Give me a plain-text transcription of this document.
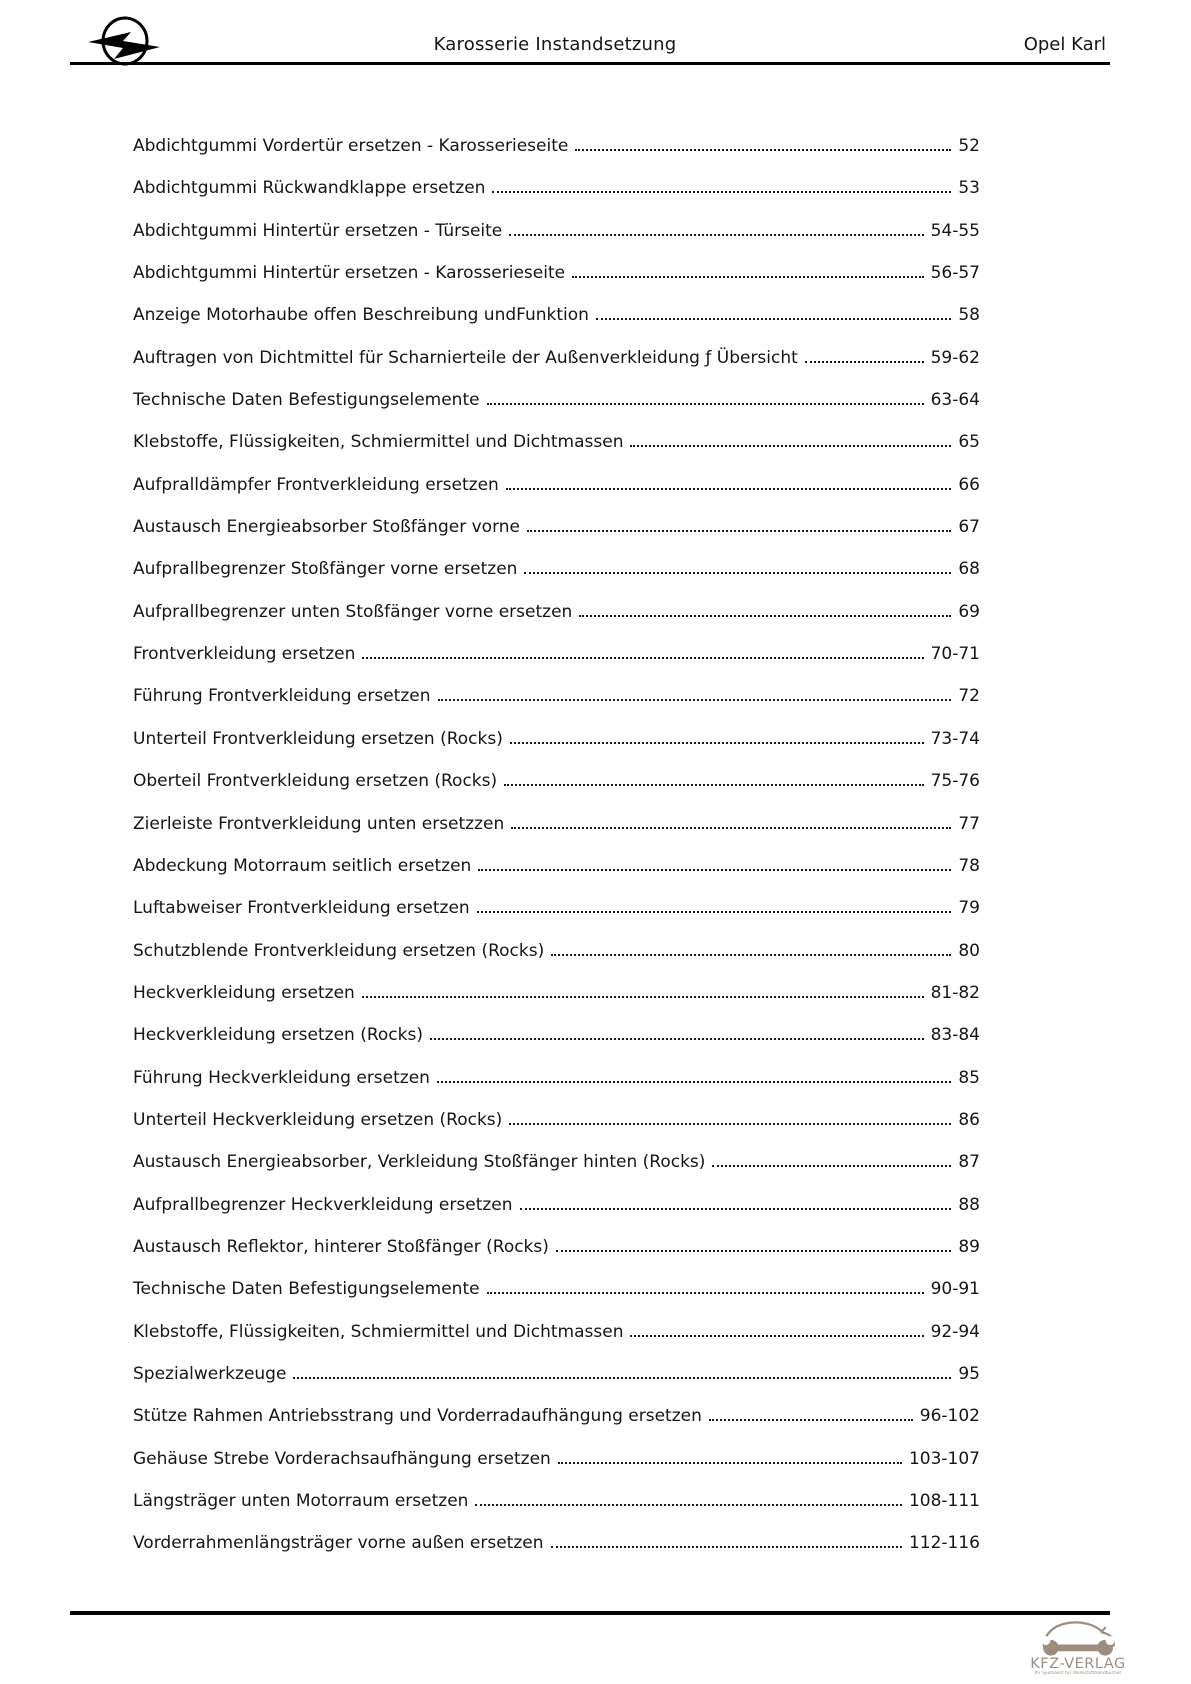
Karosserie Instandsetzung	Opel Karl
Abdichtgummi Vordertür ersetzen - Karosserieseite	52
Abdichtgummi Rückwandklappe ersetzen	53
Abdichtgummi Hintertür ersetzen - Türseite	54-55
Abdichtgummi Hintertür ersetzen - Karosserieseite	56-57
Anzeige Motorhaube offen Beschreibung undFunktion	58
Auftragen von Dichtmittel für Scharnierteile der Außenverkleidung ƒ Übersicht	59-62
Technische Daten Befestigungselemente	63-64
Klebstoffe, Flüssigkeiten, Schmiermittel und Dichtmassen	65
Aufpralldämpfer Frontverkleidung ersetzen	66
Austausch Energieabsorber Stoßfänger vorne	67
Aufprallbegrenzer Stoßfänger vorne ersetzen	68
Aufprallbegrenzer unten Stoßfänger vorne ersetzen	69
Frontverkleidung ersetzen	70-71
Führung Frontverkleidung ersetzen	72
Unterteil Frontverkleidung ersetzen (Rocks)	73-74
Oberteil Frontverkleidung ersetzen (Rocks)	75-76
Zierleiste Frontverkleidung unten ersetzzen	77
Abdeckung Motorraum seitlich ersetzen	78
Luftabweiser Frontverkleidung ersetzen	79
Schutzblende Frontverkleidung ersetzen (Rocks)	80
Heckverkleidung ersetzen	81-82
Heckverkleidung ersetzen (Rocks)	83-84
Führung Heckverkleidung ersetzen	85
Unterteil Heckverkleidung ersetzen (Rocks)	86
Austausch Energieabsorber, Verkleidung Stoßfänger hinten (Rocks)	87
Aufprallbegrenzer Heckverkleidung ersetzen	88
Austausch Reflektor, hinterer Stoßfänger (Rocks)	89
Technische Daten Befestigungselemente	90-91
Klebstoffe, Flüssigkeiten, Schmiermittel und Dichtmassen	92-94
Spezialwerkzeuge	95
Stütze Rahmen Antriebsstrang und Vorderradaufhängung ersetzen	96-102
Gehäuse Strebe Vorderachsaufhängung ersetzen	103-107
Längsträger unten Motorraum ersetzen	108-111
Vorderrahmenlängsträger vorne außen ersetzen	112-116
KFZ-VERLAG
Ihr Spezialist für Werkstatthandbücher
